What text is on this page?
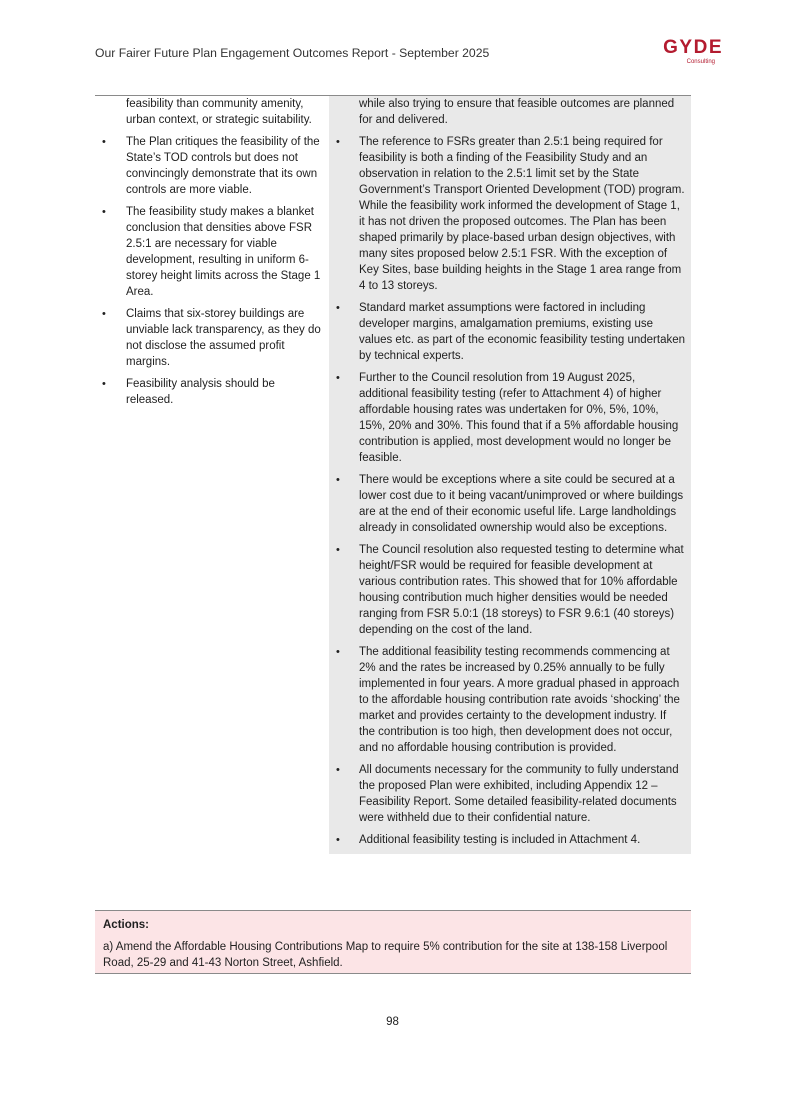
Our Fairer Future Plan Engagement Outcomes Report - September 2025	GYDE
Consulting
feasibility than community amenity, urban context, or strategic suitability.
• The Plan critiques the feasibility of the State’s TOD controls but does not convincingly demonstrate that its own controls are more viable.
• The feasibility study makes a blanket conclusion that densities above FSR 2.5:1 are necessary for viable development, resulting in uniform 6-storey height limits across the Stage 1 Area.
• Claims that six-storey buildings are unviable lack transparency, as they do not disclose the assumed profit margins.
• Feasibility analysis should be released.

while also trying to ensure that feasible outcomes are planned for and delivered.
• The reference to FSRs greater than 2.5:1 being required for feasibility is both a finding of the Feasibility Study and an observation in relation to the 2.5:1 limit set by the State Government’s Transport Oriented Development (TOD) program. While the feasibility work informed the development of Stage 1, it has not driven the proposed outcomes. The Plan has been shaped primarily by place-based urban design objectives, with many sites proposed below 2.5:1 FSR. With the exception of Key Sites, base building heights in the Stage 1 area range from 4 to 13 storeys.
• Standard market assumptions were factored in including developer margins, amalgamation premiums, existing use values etc. as part of the economic feasibility testing undertaken by technical experts.
• Further to the Council resolution from 19 August 2025, additional feasibility testing (refer to Attachment 4) of higher affordable housing rates was undertaken for 0%, 5%, 10%, 15%, 20% and 30%. This found that if a 5% affordable housing contribution is applied, most development would no longer be feasible.
• There would be exceptions where a site could be secured at a lower cost due to it being vacant/unimproved or where buildings are at the end of their economic useful life. Large landholdings already in consolidated ownership would also be exceptions.
• The Council resolution also requested testing to determine what height/FSR would be required for feasible development at various contribution rates. This showed that for 10% affordable housing contribution much higher densities would be needed ranging from FSR 5.0:1 (18 storeys) to FSR 9.6:1 (40 storeys) depending on the cost of the land.
• The additional feasibility testing recommends commencing at 2% and the rates be increased by 0.25% annually to be fully implemented in four years. A more gradual phased in approach to the affordable housing contribution rate avoids ‘shocking’ the market and provides certainty to the development industry. If the contribution is too high, then development does not occur, and no affordable housing contribution is provided.
• All documents necessary for the community to fully understand the proposed Plan were exhibited, including Appendix 12 – Feasibility Report. Some detailed feasibility-related documents were withheld due to their confidential nature.
• Additional feasibility testing is included in Attachment 4.
Actions:
a) Amend the Affordable Housing Contributions Map to require 5% contribution for the site at 138-158 Liverpool Road, 25-29 and 41-43 Norton Street, Ashfield.
98
